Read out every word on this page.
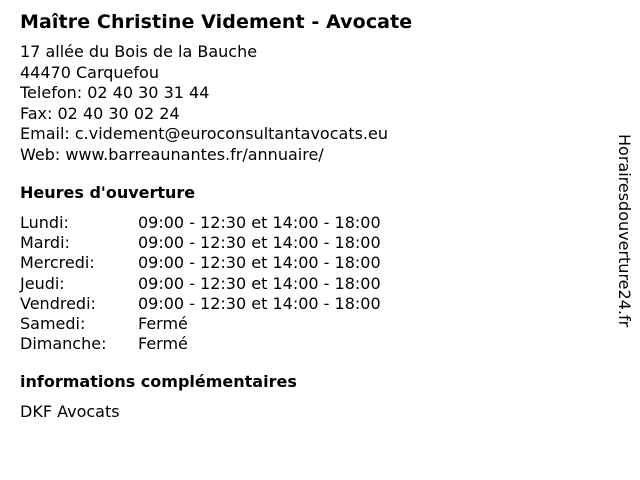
Maître Christine Videment - Avocate
17 allée du Bois de la Bauche
44470 Carquefou
Telefon: 02 40 30 31 44
Fax: 02 40 30 02 24
Email: c.videment@euroconsultantavocats.eu
Web: www.barreaunantes.fr/annuaire/
Heures d'ouverture
Lundi:	09:00 - 12:30 et 14:00 - 18:00
Mardi:	09:00 - 12:30 et 14:00 - 18:00
Mercredi:	09:00 - 12:30 et 14:00 - 18:00
Jeudi:	09:00 - 12:30 et 14:00 - 18:00
Vendredi:	09:00 - 12:30 et 14:00 - 18:00
Samedi:	Fermé
Dimanche:	Fermé
informations complémentaires
DKF Avocats
Horairesdouverture24.fr
